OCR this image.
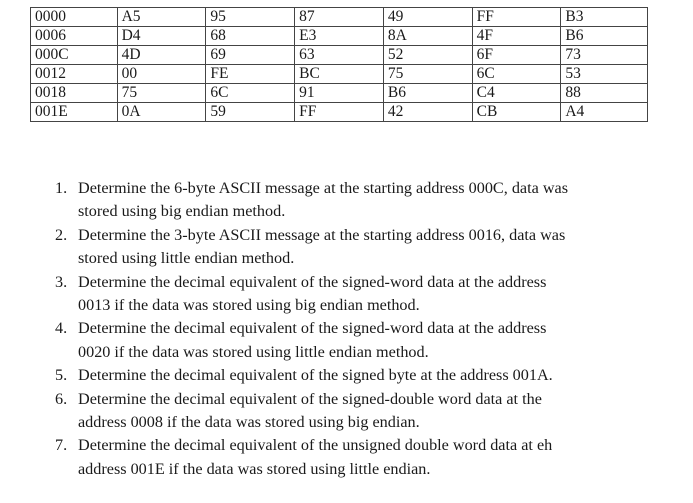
0000	A5	95	87	49	FF	B3
0006	D4	68	E3	8A	4F	B6
000C	4D	69	63	52	6F	73
0012	00	FE	BC	75	6C	53
0018	75	6C	91	B6	C4	88
001E	0A	59	FF	42	CB	A4
1. Determine the 6-byte ASCII message at the starting address 000C, data was
stored using big endian method.
2. Determine the 3-byte ASCII message at the starting address 0016, data was
stored using little endian method.
3. Determine the decimal equivalent of the signed-word data at the address
0013 if the data was stored using big endian method.
4. Determine the decimal equivalent of the signed-word data at the address
0020 if the data was stored using little endian method.
5. Determine the decimal equivalent of the signed byte at the address 001A.
6. Determine the decimal equivalent of the signed-double word data at the
address 0008 if the data was stored using big endian.
7. Determine the decimal equivalent of the unsigned double word data at eh
address 001E if the data was stored using little endian.
